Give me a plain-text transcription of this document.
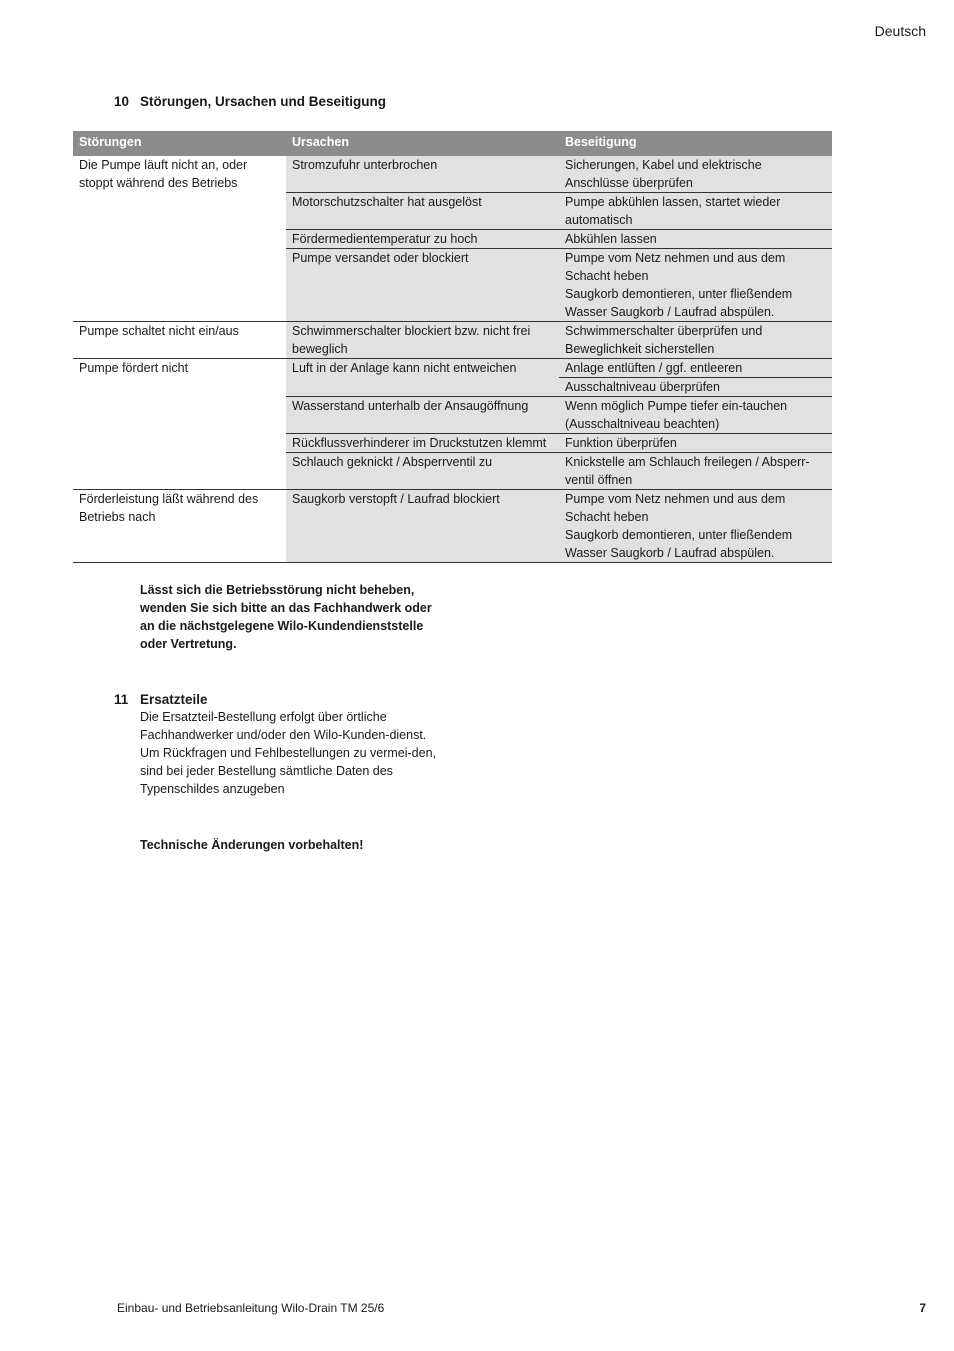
Deutsch
10 Störungen, Ursachen und Beseitigung
Störungen	Ursachen	Beseitigung
Die Pumpe läuft nicht an, oder stoppt während des Betriebs	Stromzufuhr unterbrochen	Sicherungen, Kabel und elektrische Anschlüsse überprüfen
	Motorschutzschalter hat ausgelöst	Pumpe abkühlen lassen, startet wieder automatisch
	Fördermedientemperatur zu hoch	Abkühlen lassen
	Pumpe versandet oder blockiert	Pumpe vom Netz nehmen und aus dem Schacht heben
Saugkorb demontieren, unter fließendem Wasser Saugkorb / Laufrad abspülen.

Pumpe schaltet nicht ein/aus	Schwimmerschalter blockiert bzw. nicht frei beweglich	Schwimmerschalter überprüfen und Beweglichkeit sicherstellen
Pumpe fördert nicht	Luft in der Anlage kann nicht entweichen	Anlage entlüften / ggf. entleeren
		Ausschaltniveau überprüfen
	Wasserstand unterhalb der Ansaugöffnung	Wenn möglich Pumpe tiefer ein-tauchen (Ausschaltniveau beachten)
	Rückflussverhinderer im Druckstutzen klemmt	Funktion überprüfen
	Schlauch geknickt / Absperrventil zu	Knickstelle am Schlauch freilegen / Absperr-ventil öffnen
Förderleistung läßt während des Betriebs nach	Saugkorb verstopft / Laufrad blockiert	Pumpe vom Netz nehmen und aus dem Schacht heben
Saugkorb demontieren, unter fließendem Wasser Saugkorb / Laufrad abspülen.
Lässt sich die Betriebsstörung nicht beheben, wenden Sie sich bitte an das Fachhandwerk oder an die nächstgelegene Wilo-Kundendienststelle oder Vertretung.
11 Ersatzteile
Die Ersatzteil-Bestellung erfolgt über örtliche Fachhandwerker und/oder den Wilo-Kunden-dienst.
Um Rückfragen und Fehlbestellungen zu vermei-den, sind bei jeder Bestellung sämtliche Daten des Typenschildes anzugeben
Technische Änderungen vorbehalten!
Einbau- und Betriebsanleitung Wilo-Drain TM 25/6	7
